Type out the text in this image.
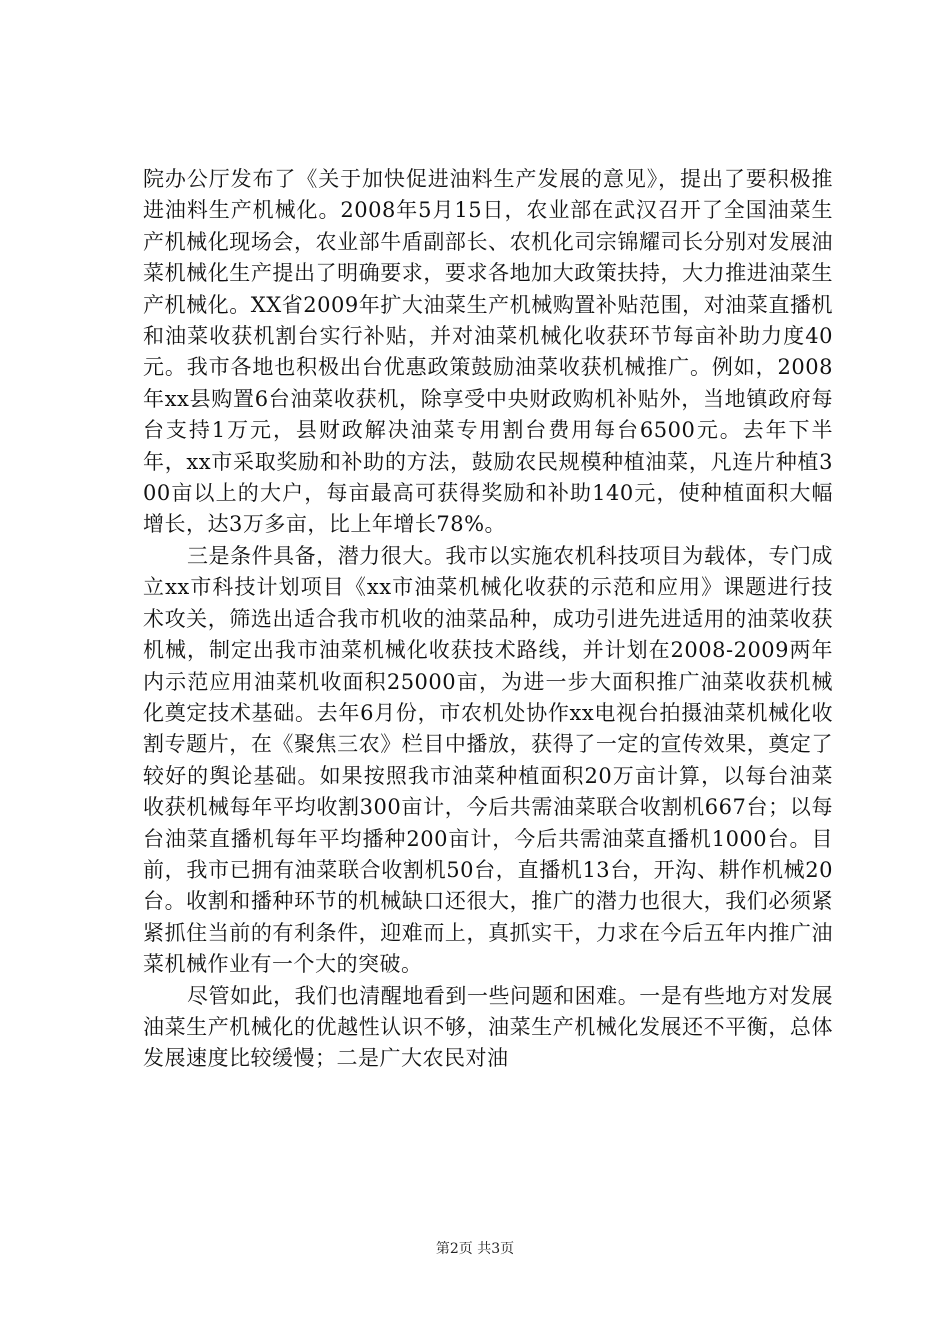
院办公厅发布了《关于加快促进油料生产发展的意见》，提出了要积极推进油料生产机械化。2008年5月15日，农业部在武汉召开了全国油菜生产机械化现场会，农业部牛盾副部长、农机化司宗锦耀司长分别对发展油菜机械化生产提出了明确要求，要求各地加大政策扶持，大力推进油菜生产机械化。XX省2009年扩大油菜生产机械购置补贴范围，对油菜直播机和油菜收获机割台实行补贴，并对油菜机械化收获环节每亩补助力度40元。我市各地也积极出台优惠政策鼓励油菜收获机械推广。例如，2008年xx县购置6台油菜收获机，除享受中央财政购机补贴外，当地镇政府每台支持1万元，县财政解决油菜专用割台费用每台6500元。去年下半年，xx市采取奖励和补助的方法，鼓励农民规模种植油菜，凡连片种植300亩以上的大户，每亩最高可获得奖励和补助140元，使种植面积大幅增长，达3万多亩，比上年增长78%。

三是条件具备，潜力很大。我市以实施农机科技项目为载体，专门成立xx市科技计划项目《xx市油菜机械化收获的示范和应用》课题进行技术攻关，筛选出适合我市机收的油菜品种，成功引进先进适用的油菜收获机械，制定出我市油菜机械化收获技术路线，并计划在2008-2009两年内示范应用油菜机收面积25000亩，为进一步大面积推广油菜收获机械化奠定技术基础。去年6月份，市农机处协作xx电视台拍摄油菜机械化收割专题片，在《聚焦三农》栏目中播放，获得了一定的宣传效果，奠定了较好的舆论基础。如果按照我市油菜种植面积20万亩计算，以每台油菜收获机械每年平均收割300亩计，今后共需油菜联合收割机667台；以每台油菜直播机每年平均播种200亩计，今后共需油菜直播机1000台。目前，我市已拥有油菜联合收割机50台，直播机13台，开沟、耕作机械20台。收割和播种环节的机械缺口还很大，推广的潜力也很大，我们必须紧紧抓住当前的有利条件，迎难而上，真抓实干，力求在今后五年内推广油菜机械作业有一个大的突破。

尽管如此，我们也清醒地看到一些问题和困难。一是有些地方对发展油菜生产机械化的优越性认识不够，油菜生产机械化发展还不平衡，总体发展速度比较缓慢；二是广大农民对油

第2页 共3页
